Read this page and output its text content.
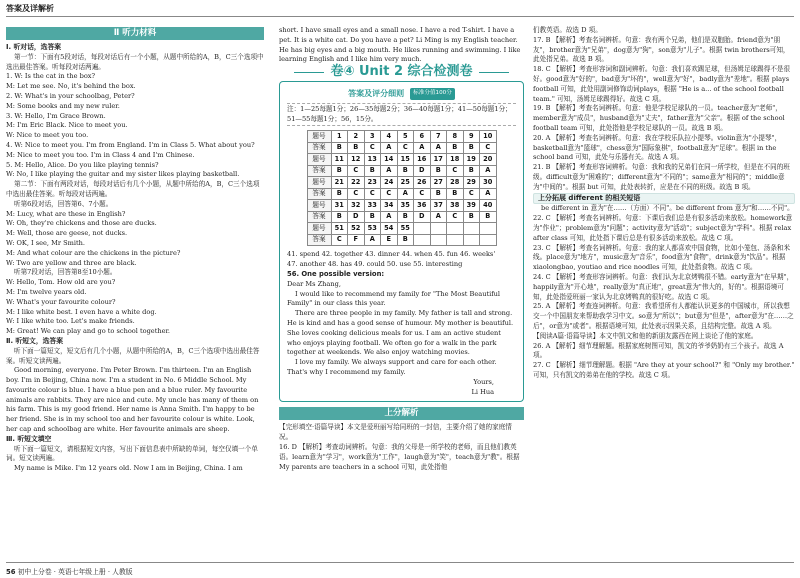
答案及详解析
Ⅱ 听力材料

Ⅰ. 听对话，选答案

第一节：下面有5段对话，每段对话后有一个小题，从题中所给的A，B，C三个选项中选出最佳答案。听每段对话两遍。

1. W: Is the cat in the box?

M: Let me see. No, it's behind the box.

2. W: What's in your schoolbag, Peter?

M: Some books and my new ruler.

3. W: Hello, I'm Grace Brown.

M: I'm Eric Black. Nice to meet you.

W: Nice to meet you too.

4. W: Nice to meet you. I'm from England. I'm in Class 5. What about you?

M: Nice to meet you too. I'm in Class 4 and I'm Chinese.

5. M: Hello, Alice. Do you like playing tennis?

W: No, I like playing the guitar and my sister likes playing basketball.

第二节：下面有两段对话，每段对话后有几个小题，从题中所给的A，B，C三个选项中选出最佳答案。听每段对话两遍。

听第6段对话，回答第6、7小题。

M: Lucy, what are these in English?

W: Oh, they're chickens and those are ducks.

M: Well, those are geese, not ducks.

W: OK, I see, Mr Smith.

M: And what colour are the chickens in the picture?

W: Two are yellow and three are black.

听第7段对话，回答第8至10小题。

W: Hello, Tom. How old are you?

M: I'm twelve years old.

W: What's your favourite colour?

M: I like white best. I even have a white dog.

W: I like white too. Let's make friends.

M: Great! We can play and go to school together.

Ⅱ. 听短文，选答案

听下面一篇短文，短文后有几个小题，从题中所给的A，B，C三个选项中选出最佳答案。听短文读两遍。

Good morning, everyone. I'm Peter Brown. I'm thirteen. I'm an English boy. I'm in Beijing, China now. I'm a student in No. 6 Middle School. My favourite colour is blue. I have a blue pen and a blue ruler. My favourite animals are rabbits. They are nice and cute. My uncle has many of them on his farm. This is my good friend. Her name is Anna Smith. I'm happy to be her friend. She is in my school too and her favourite colour is white. Look, her cap and schoolbag are white. Her favourite animals are sheep.

Ⅲ. 听短文填空

听下面一篇短文，请根据短文内容，写出下面信息表中所缺的单词，每空仅填一个单词。短文读两遍。

My name is Mike. I'm 12 years old. Now I am in Beijing, China. I am

short. I have small eyes and a small nose. I have a red T-shirt. I have a pet. It is a white cat. Do you have a pet? Li Ming is my English teacher. He has big eyes and a big mouth. He likes running and swimming. I like learning English and I like him very much.

卷④ Unit 2 综合检测卷
答案及评分细则	标准分值100分
注：1—25每题1分；26—35每题2分；36—40每题1分；41—50每题1分；51—55每题1分；56，15分。
题号	1	2	3	4	5	6	7	8	9	10
答案	B	B	C	A	C	A	A	B	B	C
题号	11	12	13	14	15	16	17	18	19	20
答案	B	C	B	A	B	D	B	C	B	A
题号	21	22	23	24	25	26	27	28	29	30
答案	B	C	C	C	A	C	B	B	C	A
题号	31	32	33	34	35	36	37	38	39	40
答案	B	D	B	A	B	D	A	C	B	B
题号	51	52	53	54	55					
答案	C	F	A	E	B					

41. spend 42. together 43. dinner 44. when 45. fun 46. weeks'

47. another 48. has 49. could 50. use 55. interesting

56. One possible version:

Dear Ms Zhang,

I would like to recommend my family for "The Most Beautiful Family" in our class this year.

There are three people in my family. My father is tall and strong. He is kind and has a good sense of humour. My mother is beautiful. She loves cooking delicious meals for us. I am an active student who enjoys playing football. We often go for a walk in the park together at weekends. We also enjoy watching movies.

I love my family. We always support and care for each other. That's why I recommend my family.

Yours,

Li Hua

上分解析

【完形填空·语篇导读】本文是爱班丽写给同班的一封信，主要介绍了她的家庭情况。

16. D 【解析】考查动词辨析。句意：我的父母是一所学校的老师，而且他们教英语。learn意为"学习"，work意为"工作"，laugh意为"笑"，teach意为"教"。根据 My parents are teachers in a school 可知，此处指他

们教英语。故选 D 项。

17. B 【解析】考查名词辨析。句意：我有两个兄弟，他们是双胞胎。friend意为"朋友"，brother意为"兄弟"，dog意为"狗"，son意为"儿子"。根据 twin brothers可知，此处指兄弟。故选 B 项。

18. C 【解析】考查形容词和副词辨析。句意：我们喜欢踢足球，但汤姆足球踢得不是很好。good意为"好的"，bad意为"坏的"，well意为"好"，badly意为"差地"。根据 plays football 可知，此处用副词修饰动词plays，根据 "He is a... of the school football team." 可知，汤姆足球踢得好。故选 C 项。

19. B 【解析】考查名词辨析。句意：他是学校足球队的一员。teacher意为"老师"，member意为"成员"，husband意为"丈夫"，father意为"父亲"。根据 of the school football team 可知，此处指他是学校足球队的一员。故选 B 项。

20. A 【解析】考查名词辨析。句意：我在学校乐队拉小提琴。violin意为"小提琴"，basketball意为"篮球"，chess意为"国际象棋"，football意为"足球"。根据 in the school band 可知，此处与乐器有关。故选 A 项。

21. B 【解析】考查形容词辨析。句意：我和我的兄弟们在同一所学校，但是在不同的班级。difficult意为"困难的"；different意为"不同的"；same意为"相同的"；middle意为"中间的"。根据 but 可知，此处表转折，应是在不同的班级。故选 B 项。

上分拓展 different 的相关短语

be different in 意为"在……（方面）不同"。be different from 意为"和……不同"。

22. C 【解析】考查名词辨析。句意：下课后我们总是有很多活动来放松。homework意为"作业"；problem意为"问题"；activity意为"活动"；subject意为"学科"。根据 relax after class 可知，此处指下课后总是有很多活动来放松。故选 C 项。

23. C 【解析】考查名词辨析。句意：我的家人都喜欢中国食物，比如小笼包、汤条和米线。place意为"地方"，music意为"音乐"，food意为"食物"，drink意为"饮品"。根据 xiaolongbao, youtiao and rice noodles 可知，此处指食物。故选 C 项。

24. C 【解析】考查形容词辨析。句意：我们认为北京烤鸭很不错。early意为"在早期"，happily意为"开心地"，really意为"真正地"，great意为"伟大的，好的"。根据语境可知，此处指爱班丽一家认为北京烤鸭真的很好吃。故选 C 项。

25. A 【解析】考查连词辨析。句意：我希望所有人都能认识更多的中国城市，所以我想交一个中国朋友来帮助我学习中文。so意为"所以"；but意为"但是"，after意为"在……之后"，or意为"或者"。根据语境可知，此处表示因果关系，且结构完整。故选 A 项。

【阅读A篇·语篇导读】本文中凯文和他的新朋友露西在网上谈论了他的家庭。

26. A 【解析】细节理解题。根据家庭树图可知，凯文的爷爷奶奶有三个孩子。故选 A 项。

27. C 【解析】细节理解题。根据 "Are they at your school?" 和 "Only my brother." 可知，只有凯文的弟弟在他的学校。故选 C 项。

56 初中上分卷 · 英语七年级上册 · 人教版
